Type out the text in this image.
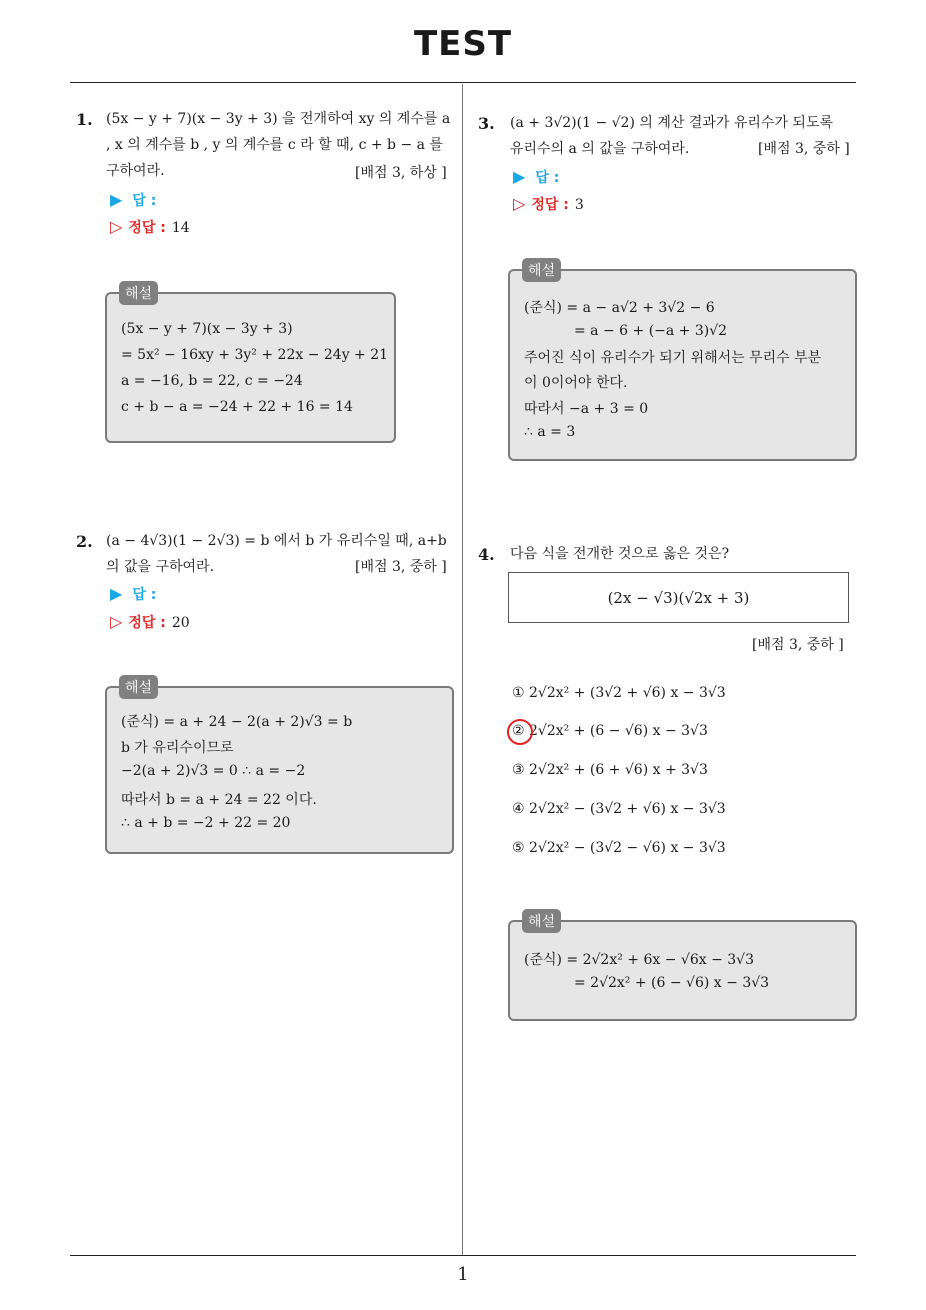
TEST
1. (5x − y + 7)(x − 3y + 3) 을 전개하여 xy 의 계수를 a
, x 의 계수를 b , y 의 계수를 c 라 할 때, c + b − a 를
구하여라.	[배점 3, 하상 ]
▶ 답 :
▷ 정답 : 14
해설
(5x − y + 7)(x − 3y + 3)
= 5x² − 16xy + 3y² + 22x − 24y + 21
a = −16, b = 22, c = −24
c + b − a = −24 + 22 + 16 = 14
2. (a − 4√3)(1 − 2√3) = b 에서 b 가 유리수일 때, a+b
의 값을 구하여라.	[배점 3, 중하 ]
▶ 답 :
▷ 정답 : 20
해설
(준식) = a + 24 − 2(a + 2)√3 = b
b 가 유리수이므로
−2(a + 2)√3 = 0 ∴ a = −2
따라서 b = a + 24 = 22 이다.
∴ a + b = −2 + 22 = 20
3. (a + 3√2)(1 − √2) 의 계산 결과가 유리수가 되도록
유리수의 a 의 값을 구하여라.	[배점 3, 중하 ]
▶ 답 :
▷ 정답 : 3
해설
(준식) = a − a√2 + 3√2 − 6
= a − 6 + (−a + 3)√2
주어진 식이 유리수가 되기 위해서는 무리수 부분
이 0이어야 한다.
따라서 −a + 3 = 0
∴ a = 3
4. 다음 식을 전개한 것으로 옳은 것은?
(2x − √3)(√2x + 3)
[배점 3, 중하 ]
① 2√2x² + (3√2 + √6) x − 3√3
② 2√2x² + (6 − √6) x − 3√3
③ 2√2x² + (6 + √6) x + 3√3
④ 2√2x² − (3√2 + √6) x − 3√3
⑤ 2√2x² − (3√2 − √6) x − 3√3
해설
(준식) = 2√2x² + 6x − √6x − 3√3
= 2√2x² + (6 − √6) x − 3√3
1
